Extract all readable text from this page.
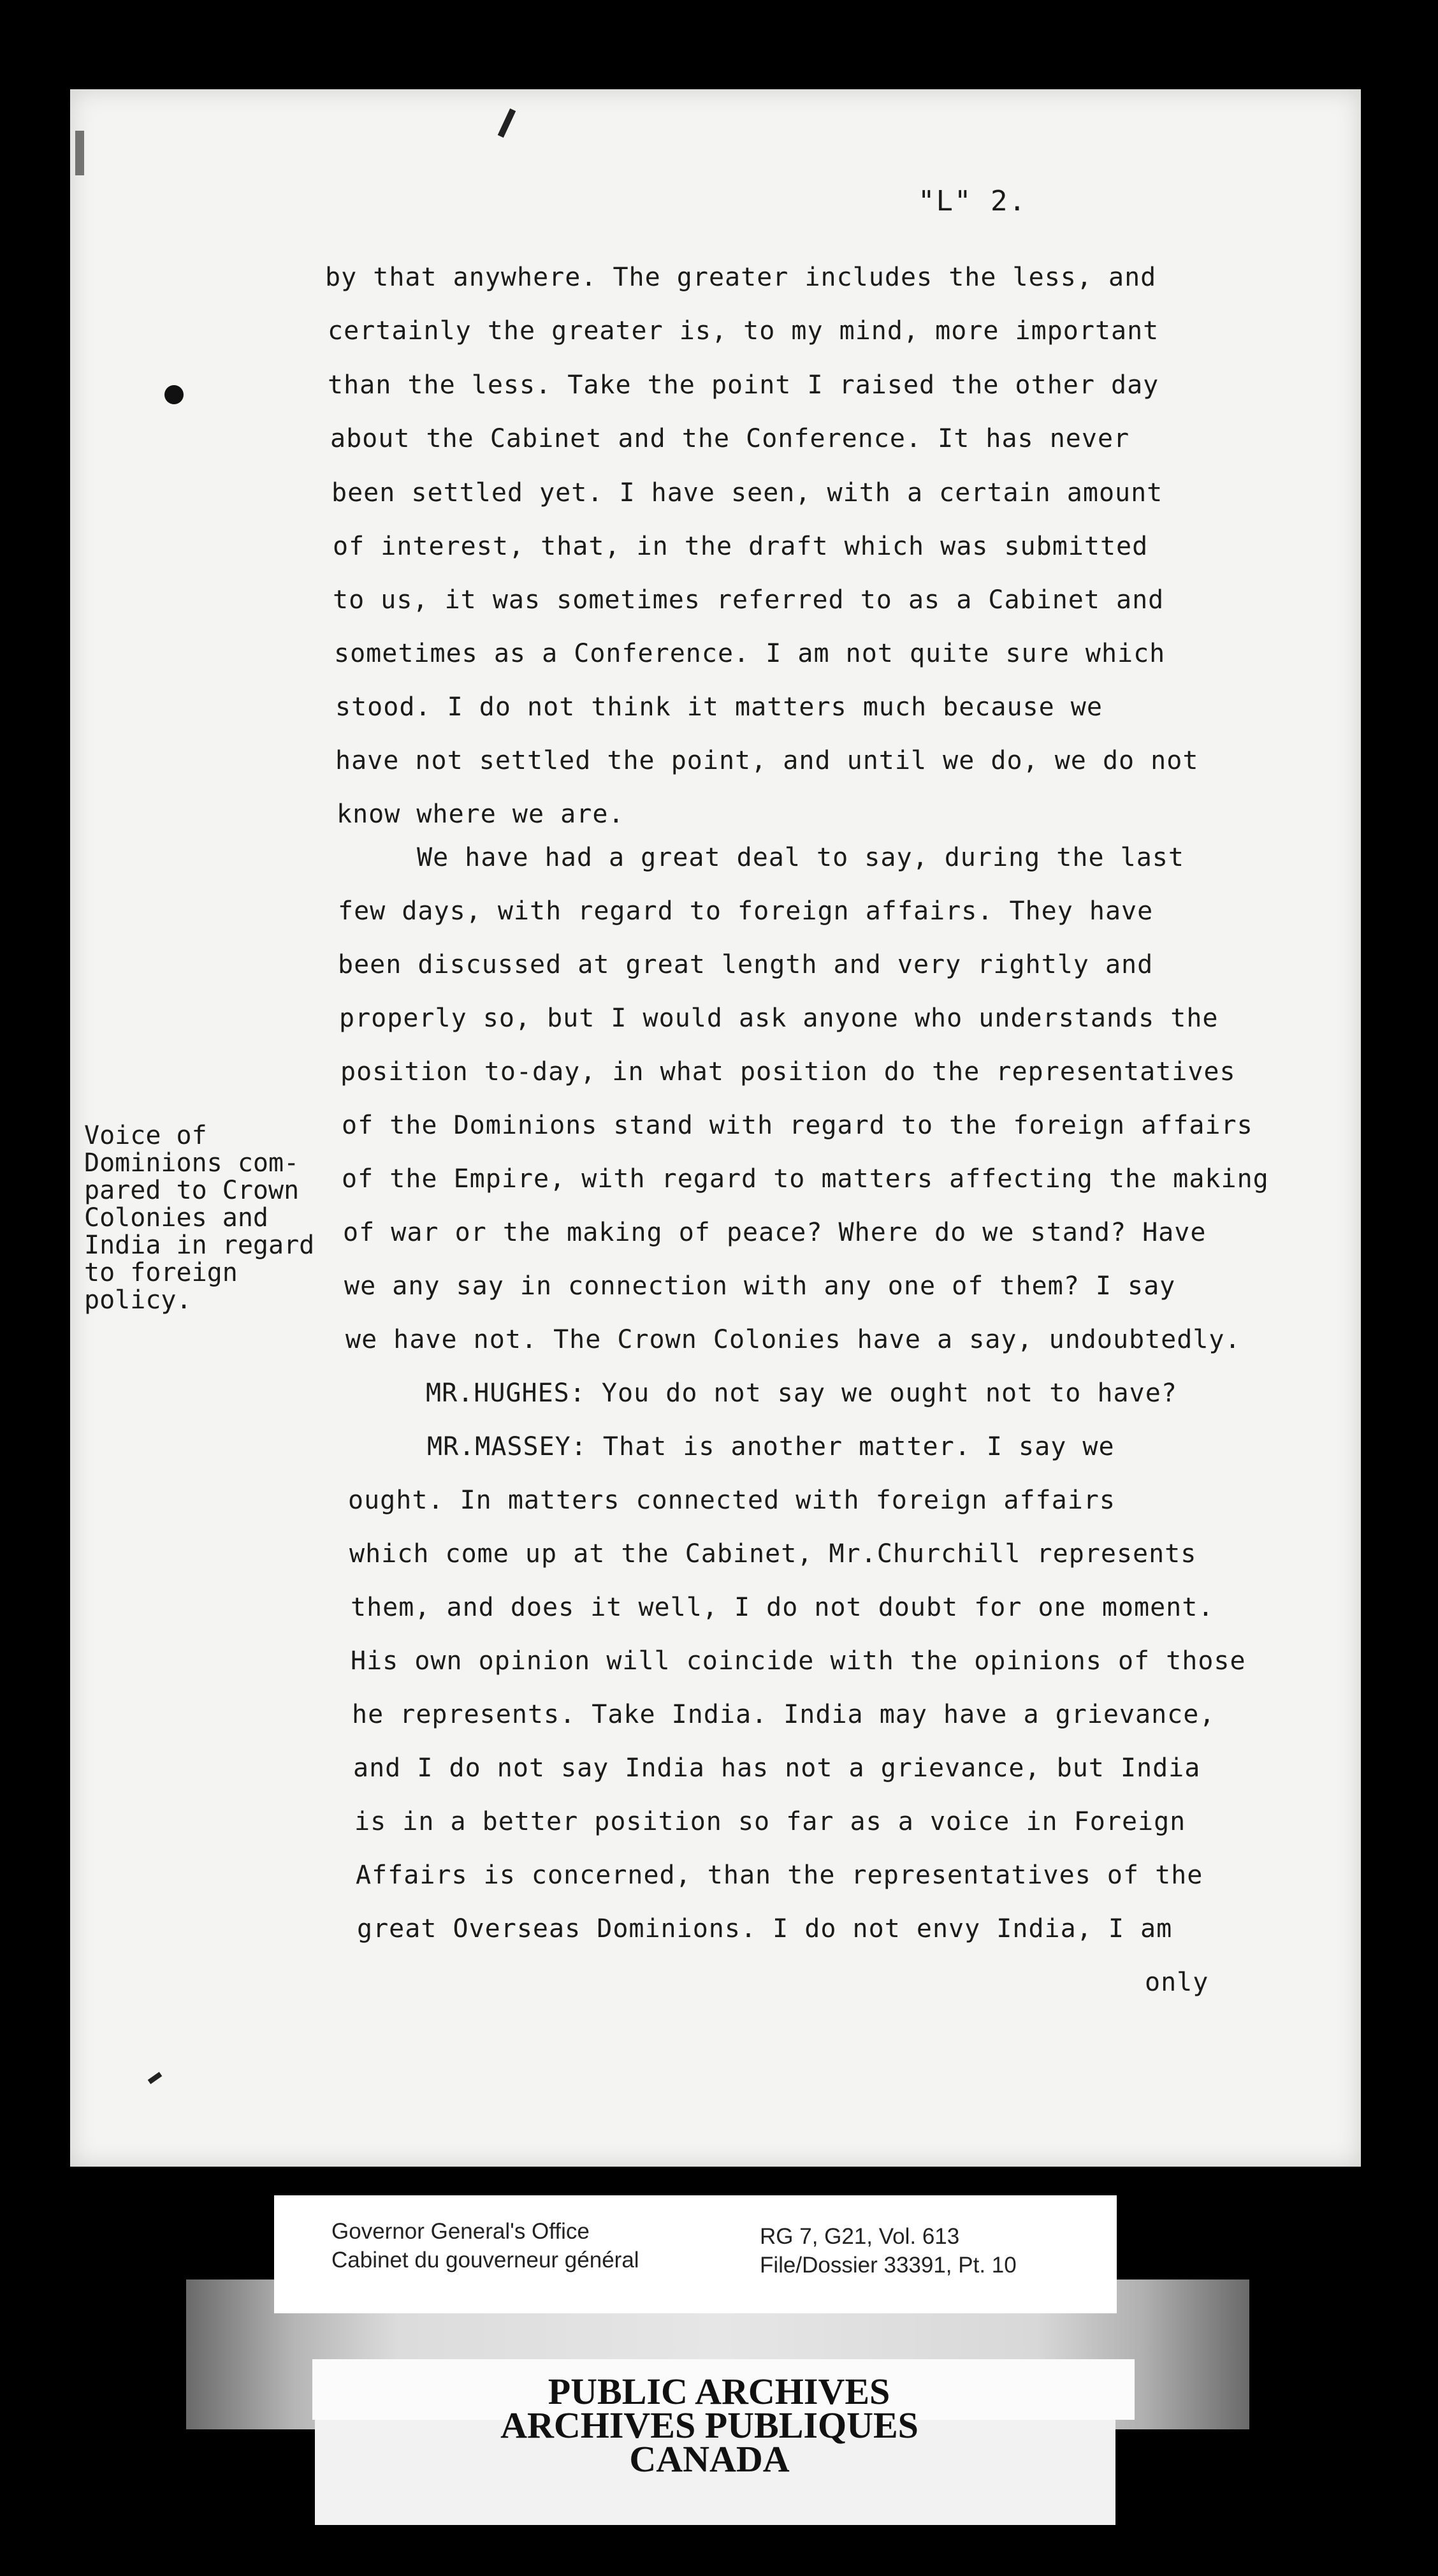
"L" 2.
by that anywhere. The greater includes the less, and
certainly the greater is, to my mind, more important
than the less. Take the point I raised the other day
about the Cabinet and the Conference. It has never
been settled yet. I have seen, with a certain amount
of interest, that, in the draft which was submitted
to us, it was sometimes referred to as a Cabinet and
sometimes as a Conference. I am not quite sure which
stood. I do not think it matters much because we
have not settled the point, and until we do, we do not
know where we are.
We have had a great deal to say, during the last
few days, with regard to foreign affairs. They have
been discussed at great length and very rightly and
properly so, but I would ask anyone who understands the
position to-day, in what position do the representatives
of the Dominions stand with regard to the foreign affairs
of the Empire, with regard to matters affecting the making
of war or the making of peace? Where do we stand? Have
we any say in connection with any one of them? I say
we have not. The Crown Colonies have a say, undoubtedly.
MR.HUGHES: You do not say we ought not to have?
MR.MASSEY: That is another matter. I say we
ought. In matters connected with foreign affairs
which come up at the Cabinet, Mr.Churchill represents
them, and does it well, I do not doubt for one moment.
His own opinion will coincide with the opinions of those
he represents. Take India. India may have a grievance,
and I do not say India has not a grievance, but India
is in a better position so far as a voice in Foreign
Affairs is concerned, than the representatives of the
great Overseas Dominions. I do not envy India, I am
only
Voice of
Dominions com-
pared to Crown
Colonies and
India in regard
to foreign
policy.
Governor General's Office
Cabinet du gouverneur général
RG 7, G21, Vol. 613
File/Dossier 33391, Pt. 10
PUBLIC ARCHIVES
ARCHIVES PUBLIQUES
CANADA
